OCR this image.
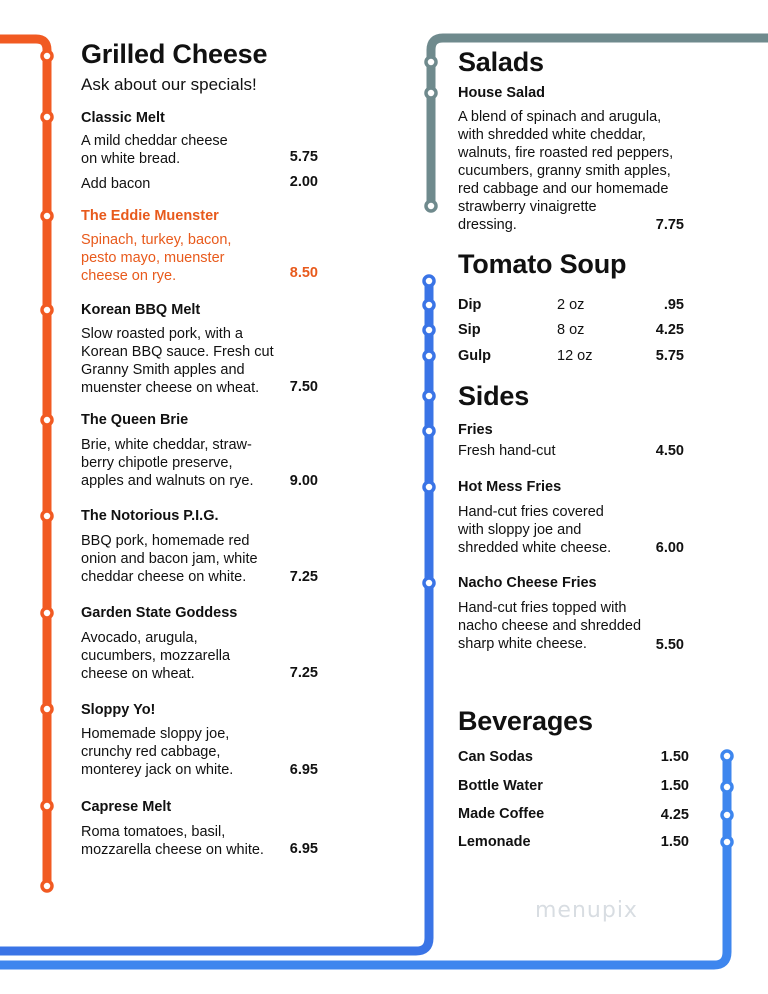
Grilled Cheese
Ask about our specials!
Classic Melt
A mild cheddar cheese
on white bread.	5.75
Add bacon	2.00
The Eddie Muenster
Spinach, turkey, bacon,
pesto mayo, muenster
cheese on rye.	8.50
Korean BBQ Melt
Slow roasted pork, with a
Korean BBQ sauce. Fresh cut
Granny Smith apples and
muenster cheese on wheat.	7.50
The Queen Brie
Brie, white cheddar, straw-
berry chipotle preserve,
apples and walnuts on rye.	9.00
The Notorious P.I.G.
BBQ pork, homemade red
onion and bacon jam, white
cheddar cheese on white.	7.25
Garden State Goddess
Avocado, arugula,
cucumbers, mozzarella
cheese on wheat.	7.25
Sloppy Yo!
Homemade sloppy joe,
crunchy red cabbage,
monterey jack on white.	6.95
Caprese Melt
Roma tomatoes, basil,
mozzarella cheese on white.	6.95
Salads
House Salad
A blend of spinach and arugula,
with shredded white cheddar,
walnuts, fire roasted red peppers,
cucumbers, granny smith apples,
red cabbage and our homemade
strawberry vinaigrette
dressing.	7.75
Tomato Soup
Dip	2 oz	.95
Sip	8 oz	4.25
Gulp	12 oz	5.75
Sides
Fries
Fresh hand-cut	4.50
Hot Mess Fries
Hand-cut fries covered
with sloppy joe and
shredded white cheese.	6.00
Nacho Cheese Fries
Hand-cut fries topped with
nacho cheese and shredded
sharp white cheese.	5.50
Beverages
Can Sodas	1.50
Bottle Water	1.50
Made Coffee	4.25
Lemonade	1.50
menupix
